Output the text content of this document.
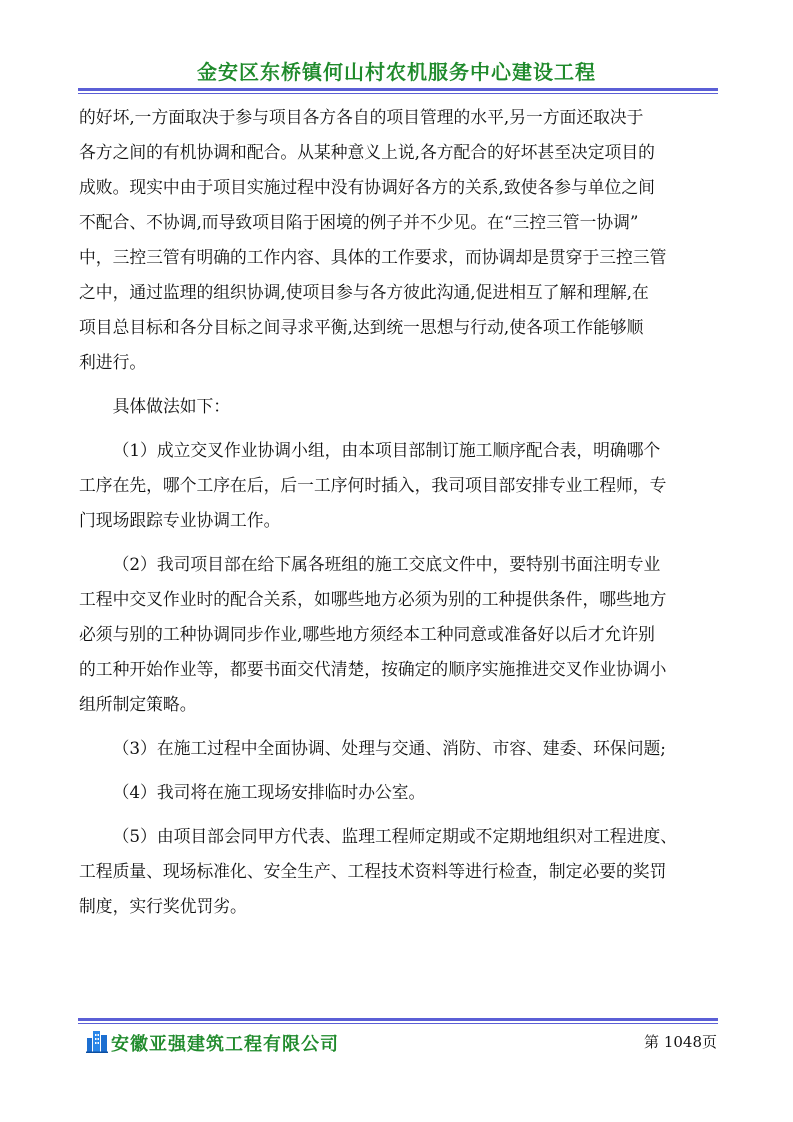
金安区东桥镇何山村农机服务中心建设工程

的好坏,一方面取决于参与项目各方各自的项目管理的水平,另一方面还取决于

各方之间的有机协调和配合。从某种意义上说,各方配合的好坏甚至决定项目的

成败。现实中由于项目实施过程中没有协调好各方的关系,致使各参与单位之间

不配合、不协调,而导致项目陷于困境的例子并不少见。在“三控三管一协调”

中，三控三管有明确的工作内容、具体的工作要求，而协调却是贯穿于三控三管

之中，通过监理的组织协调,使项目参与各方彼此沟通,促进相互了解和理解,在

项目总目标和各分目标之间寻求平衡,达到统一思想与行动,使各项工作能够顺

利进行。

具体做法如下：

（1）成立交叉作业协调小组，由本项目部制订施工顺序配合表，明确哪个

工序在先，哪个工序在后，后一工序何时插入，我司项目部安排专业工程师，专

门现场跟踪专业协调工作。

（2）我司项目部在给下属各班组的施工交底文件中，要特别书面注明专业

工程中交叉作业时的配合关系，如哪些地方必须为别的工种提供条件，哪些地方

必须与别的工种协调同步作业,哪些地方须经本工种同意或准备好以后才允许别

的工种开始作业等，都要书面交代清楚，按确定的顺序实施推进交叉作业协调小

组所制定策略。

（3）在施工过程中全面协调、处理与交通、消防、市容、建委、环保问题;

（4）我司将在施工现场安排临时办公室。

（5）由项目部会同甲方代表、监理工程师定期或不定期地组织对工程进度、

工程质量、现场标准化、安全生产、工程技术资料等进行检查，制定必要的奖罚

制度，实行奖优罚劣。

安徽亚强建筑工程有限公司	第 1048页
